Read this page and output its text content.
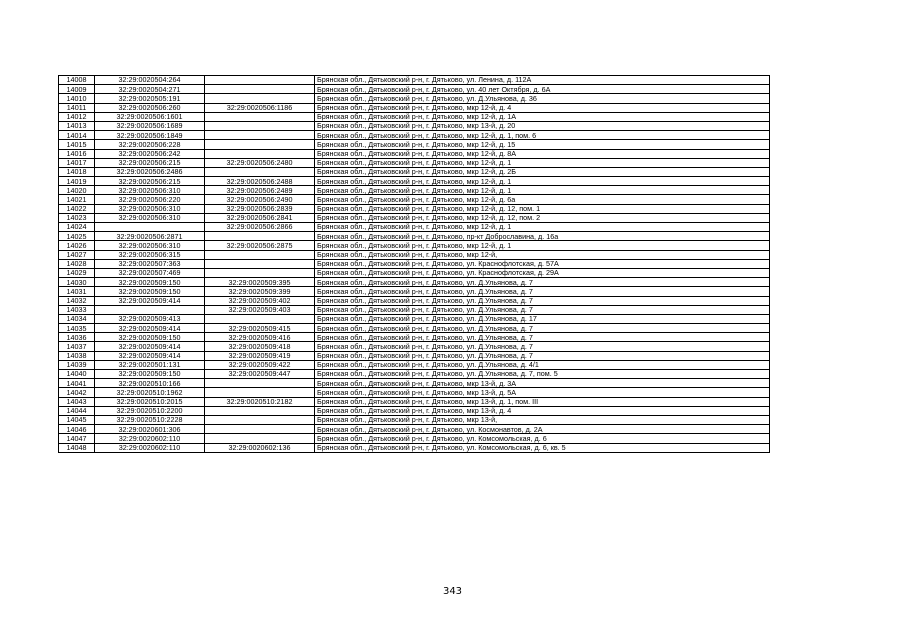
14008	32:29:0020504:264		Брянская обл., Дятьковский р-н, г. Дятьково, ул. Ленина, д. 112А
14009	32:29:0020504:271		Брянская обл., Дятьковский р-н, г. Дятьково, ул. 40 лет Октября, д. 6А
14010	32:29:0020505:191		Брянская обл., Дятьковский р-н, г. Дятьково, ул. Д.Ульянова, д. 36
14011	32:29:0020506:260	32:29:0020506:1186	Брянская обл., Дятьковский р-н, г. Дятьково, мкр 12-й, д. 4
14012	32:29:0020506:1601		Брянская обл., Дятьковский р-н, г. Дятьково, мкр 12-й, д. 1А
14013	32:29:0020506:1689		Брянская обл., Дятьковский р-н, г. Дятьково, мкр 13-й, д. 20
14014	32:29:0020506:1849		Брянская обл., Дятьковский р-н, г. Дятьково, мкр 12-й, д. 1, пом. 6
14015	32:29:0020506:228		Брянская обл., Дятьковский р-н, г. Дятьково, мкр 12-й, д. 15
14016	32:29:0020506:242		Брянская обл., Дятьковский р-н, г. Дятьково, мкр 12-й, д. 8А
14017	32:29:0020506:215	32:29:0020506:2480	Брянская обл., Дятьковский р-н, г. Дятьково, мкр 12-й, д. 1
14018	32:29:0020506:2486		Брянская обл., Дятьковский р-н, г. Дятьково, мкр 12-й, д. 2Б
14019	32:29:0020506:215	32:29:0020506:2488	Брянская обл., Дятьковский р-н, г. Дятьково, мкр 12-й, д. 1
14020	32:29:0020506:310	32:29:0020506:2489	Брянская обл., Дятьковский р-н, г. Дятьково, мкр 12-й, д. 1
14021	32:29:0020506:220	32:29:0020506:2490	Брянская обл., Дятьковский р-н, г. Дятьково, мкр 12-й, д. 6а
14022	32:29:0020506:310	32:29:0020506:2839	Брянская обл., Дятьковский р-н, г. Дятьково, мкр 12-й, д. 12, пом. 1
14023	32:29:0020506:310	32:29:0020506:2841	Брянская обл., Дятьковский р-н, г. Дятьково, мкр 12-й, д. 12, пом. 2
14024		32:29:0020506:2866	Брянская обл., Дятьковский р-н, г. Дятьково, мкр 12-й, д. 1
14025	32:29:0020506:2871		Брянская обл., Дятьковский р-н, г. Дятьково, пр-кт Доброславина, д. 16а
14026	32:29:0020506:310	32:29:0020506:2875	Брянская обл., Дятьковский р-н, г. Дятьково, мкр 12-й, д. 1
14027	32:29:0020506:315		Брянская обл., Дятьковский р-н, г. Дятьково, мкр 12-й,
14028	32:29:0020507:363		Брянская обл., Дятьковский р-н, г. Дятьково, ул. Краснофлотская, д. 57А
14029	32:29:0020507:469		Брянская обл., Дятьковский р-н, г. Дятьково, ул. Краснофлотская, д. 29А
14030	32:29:0020509:150	32:29:0020509:395	Брянская обл., Дятьковский р-н, г. Дятьково, ул. Д.Ульянова, д. 7
14031	32:29:0020509:150	32:29:0020509:399	Брянская обл., Дятьковский р-н, г. Дятьково, ул. Д.Ульянова, д. 7
14032	32:29:0020509:414	32:29:0020509:402	Брянская обл., Дятьковский р-н, г. Дятьково, ул. Д.Ульянова, д. 7
14033		32:29:0020509:403	Брянская обл., Дятьковский р-н, г. Дятьково, ул. Д.Ульянова, д. 7
14034	32:29:0020509:413		Брянская обл., Дятьковский р-н, г. Дятьково, ул. Д.Ульянова, д. 17
14035	32:29:0020509:414	32:29:0020509:415	Брянская обл., Дятьковский р-н, г. Дятьково, ул. Д.Ульянова, д. 7
14036	32:29:0020509:150	32:29:0020509:416	Брянская обл., Дятьковский р-н, г. Дятьково, ул. Д.Ульянова, д. 7
14037	32:29:0020509:414	32:29:0020509:418	Брянская обл., Дятьковский р-н, г. Дятьково, ул. Д.Ульянова, д. 7
14038	32:29:0020509:414	32:29:0020509:419	Брянская обл., Дятьковский р-н, г. Дятьково, ул. Д.Ульянова, д. 7
14039	32:29:0020501:131	32:29:0020509:422	Брянская обл., Дятьковский р-н, г. Дятьково, ул. Д.Ульянова, д. 4/1
14040	32:29:0020509:150	32:29:0020509:447	Брянская обл., Дятьковский р-н, г. Дятьково, ул. Д.Ульянова, д. 7, пом. 5
14041	32:29:0020510:166		Брянская обл., Дятьковский р-н, г. Дятьково, мкр 13-й, д. 3А
14042	32:29:0020510:1962		Брянская обл., Дятьковский р-н, г. Дятьково, мкр 13-й, д. 5А
14043	32:29:0020510:2015	32:29:0020510:2182	Брянская обл., Дятьковский р-н, г. Дятьково, мкр 13-й, д. 1, пом. III
14044	32:29:0020510:2200		Брянская обл., Дятьковский р-н, г. Дятьково, мкр 13-й, д. 4
14045	32:29:0020510:2228		Брянская обл., Дятьковский р-н, г. Дятьково, мкр 13-й,
14046	32:29:0020601:306		Брянская обл., Дятьковский р-н, г. Дятьково, ул. Космонавтов, д. 2А
14047	32:29:0020602:110		Брянская обл., Дятьковский р-н, г. Дятьково, ул. Комсомольская, д. 6
14048	32:29:0020602:110	32:29:0020602:136	Брянская обл., Дятьковский р-н, г. Дятьково, ул. Комсомольская, д. 6, кв. 5
343
